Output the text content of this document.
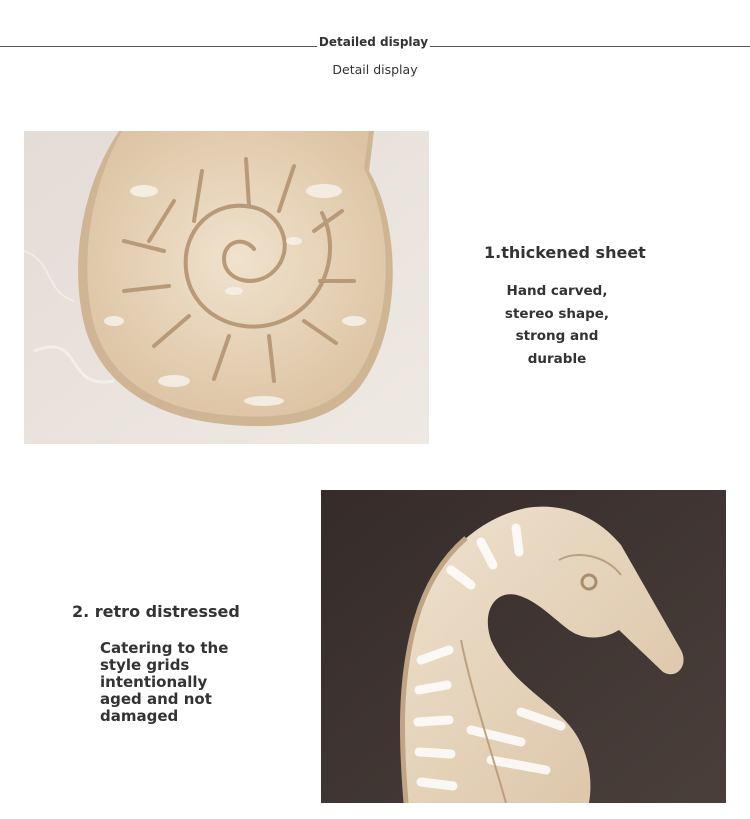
Detailed display
Detail display
1.thickened sheet
Hand carved,
stereo shape,
strong and
durable
2. retro distressed
Catering to the
style grids
intentionally
aged and not
damaged
